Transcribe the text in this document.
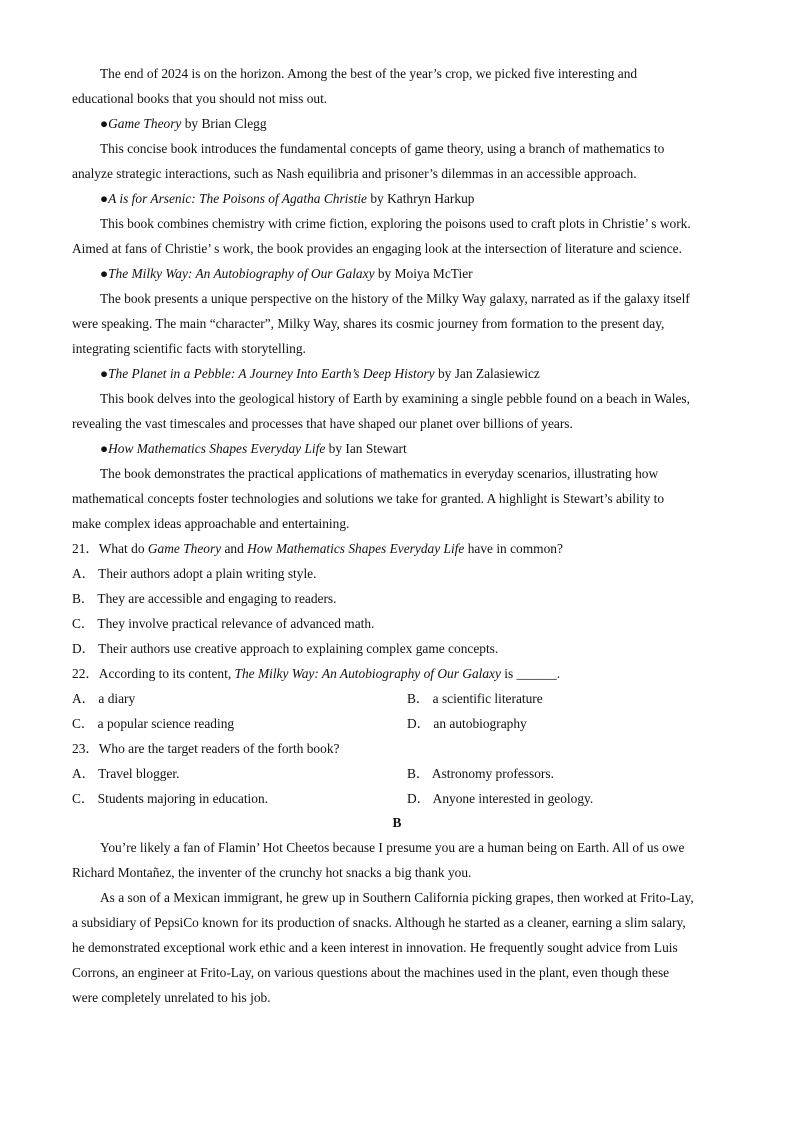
The end of 2024 is on the horizon. Among the best of the year’s crop, we picked five interesting and
educational books that you should not miss out.
●Game Theory by Brian Clegg
This concise book introduces the fundamental concepts of game theory, using a branch of mathematics to
analyze strategic interactions, such as Nash equilibria and prisoner’s dilemmas in an accessible approach.
●A is for Arsenic: The Poisons of Agatha Christie by Kathryn Harkup
This book combines chemistry with crime fiction, exploring the poisons used to craft plots in Christie’ s work.
Aimed at fans of Christie’ s work, the book provides an engaging look at the intersection of literature and science.
●The Milky Way: An Autobiography of Our Galaxy by Moiya McTier
The book presents a unique perspective on the history of the Milky Way galaxy, narrated as if the galaxy itself
were speaking. The main “character”, Milky Way, shares its cosmic journey from formation to the present day,
integrating scientific facts with storytelling.
●The Planet in a Pebble: A Journey Into Earth’s Deep History by Jan Zalasiewicz
This book delves into the geological history of Earth by examining a single pebble found on a beach in Wales,
revealing the vast timescales and processes that have shaped our planet over billions of years.
●How Mathematics Shapes Everyday Life by Ian Stewart
The book demonstrates the practical applications of mathematics in everyday scenarios, illustrating how
mathematical concepts foster technologies and solutions we take for granted. A highlight is Stewart’s ability to
make complex ideas approachable and entertaining.
21．What do Game Theory and How Mathematics Shapes Everyday Life have in common?
A． Their authors adopt a plain writing style.
B． They are accessible and engaging to readers.
C． They involve practical relevance of advanced math.
D． Their authors use creative approach to explaining complex game concepts.
22．According to its content, The Milky Way: An Autobiography of Our Galaxy is ______.
A． a diary	B． a scientific literature
C． a popular science reading	D． an autobiography
23．Who are the target readers of the forth book?
A． Travel blogger.	B． Astronomy professors.
C． Students majoring in education.	D． Anyone interested in geology.
B
You’re likely a fan of Flamin’ Hot Cheetos because I presume you are a human being on Earth. All of us owe
Richard Montañez, the inventer of the crunchy hot snacks a big thank you.
As a son of a Mexican immigrant, he grew up in Southern California picking grapes, then worked at Frito-Lay,
a subsidiary of PepsiCo known for its production of snacks. Although he started as a cleaner, earning a slim salary,
he demonstrated exceptional work ethic and a keen interest in innovation. He frequently sought advice from Luis
Corrons, an engineer at Frito-Lay, on various questions about the machines used in the plant, even though these
were completely unrelated to his job.
